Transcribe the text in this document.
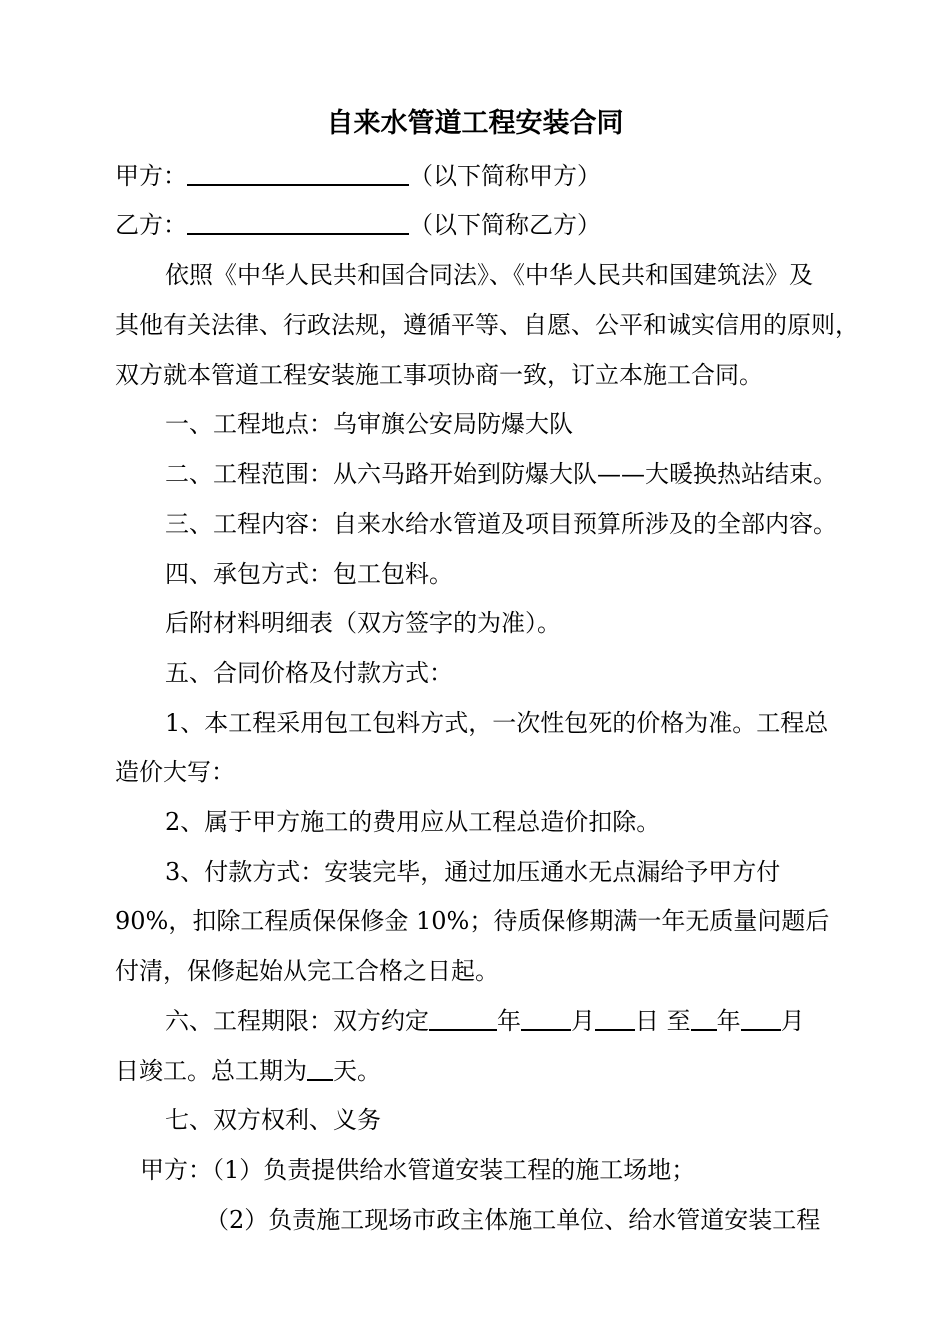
自来水管道工程安装合同
甲方：	（以下简称甲方）
乙方：	（以下简称乙方）
依照《中华人民共和国合同法》、《中华人民共和国建筑法》及
其他有关法律、行政法规，遵循平等、自愿、公平和诚实信用的原则，
双方就本管道工程安装施工事项协商一致，订立本施工合同。
一、工程地点：乌审旗公安局防爆大队
二、工程范围：从六马路开始到防爆大队——大暖换热站结束。
三、工程内容：自来水给水管道及项目预算所涉及的全部内容。
四、承包方式：包工包料。
后附材料明细表（双方签字的为准）。
五、合同价格及付款方式：
1、本工程采用包工包料方式，一次性包死的价格为准。工程总
造价大写：
2、属于甲方施工的费用应从工程总造价扣除。
3、付款方式：安装完毕，通过加压通水无点漏给予甲方付
90%，扣除工程质保保修金 10%；待质保修期满一年无质量问题后
付清，保修起始从完工合格之日起。
六、工程期限：双方约定	年 月 日 至 年 月
日竣工。总工期为 天。
七、双方权利、义务
甲方：（1）负责提供给水管道安装工程的施工场地；
（2）负责施工现场市政主体施工单位、给水管道安装工程
